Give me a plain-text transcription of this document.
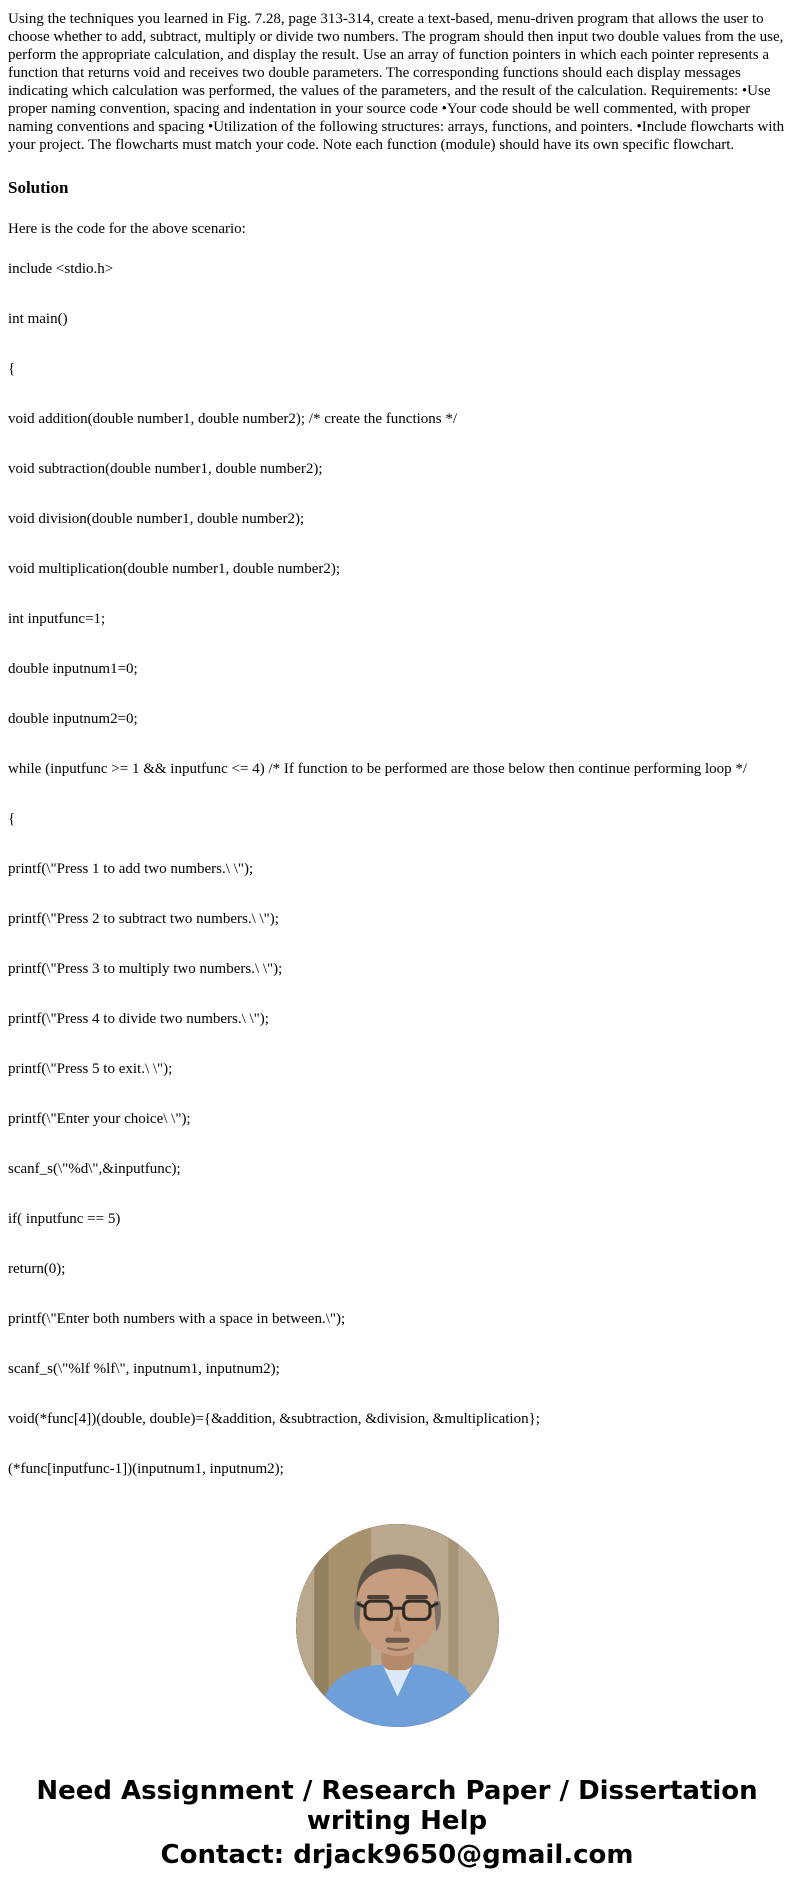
Using the techniques you learned in Fig. 7.28, page 313-314, create a text-based, menu-driven program that allows the user to choose whether to add, subtract, multiply or divide two numbers. The program should then input two double values from the use, perform the appropriate calculation, and display the result. Use an array of function pointers in which each pointer represents a function that returns void and receives two double parameters. The corresponding functions should each display messages indicating which calculation was performed, the values of the parameters, and the result of the calculation. Requirements: •Use proper naming convention, spacing and indentation in your source code •Your code should be well commented, with proper naming conventions and spacing •Utilization of the following structures: arrays, functions, and pointers. •Include flowcharts with your project. The flowcharts must match your code. Note each function (module) should have its own specific flowchart.

Solution

Here is the code for the above scenario:

include <stdio.h>

int main()

{

void addition(double number1, double number2); /* create the functions */

void subtraction(double number1, double number2);

void division(double number1, double number2);

void multiplication(double number1, double number2);

int inputfunc=1;

double inputnum1=0;

double inputnum2=0;

while (inputfunc >= 1 && inputfunc <= 4) /* If function to be performed are those below then continue performing loop */

{

printf(\"Press 1 to add two numbers.\ \");

printf(\"Press 2 to subtract two numbers.\ \");

printf(\"Press 3 to multiply two numbers.\ \");

printf(\"Press 4 to divide two numbers.\ \");

printf(\"Press 5 to exit.\ \");

printf(\"Enter your choice\ \");

scanf_s(\"%d\",&inputfunc);

if( inputfunc == 5)

return(0);

printf(\"Enter both numbers with a space in between.\");

scanf_s(\"%lf %lf\", inputnum1, inputnum2);

void(*func[4])(double, double)={&addition, &subtraction, &division, &multiplication};

(*func[inputfunc-1])(inputnum1, inputnum2);

Need Assignment / Research Paper / Dissertation writing Help
Contact: drjack9650@gmail.com
